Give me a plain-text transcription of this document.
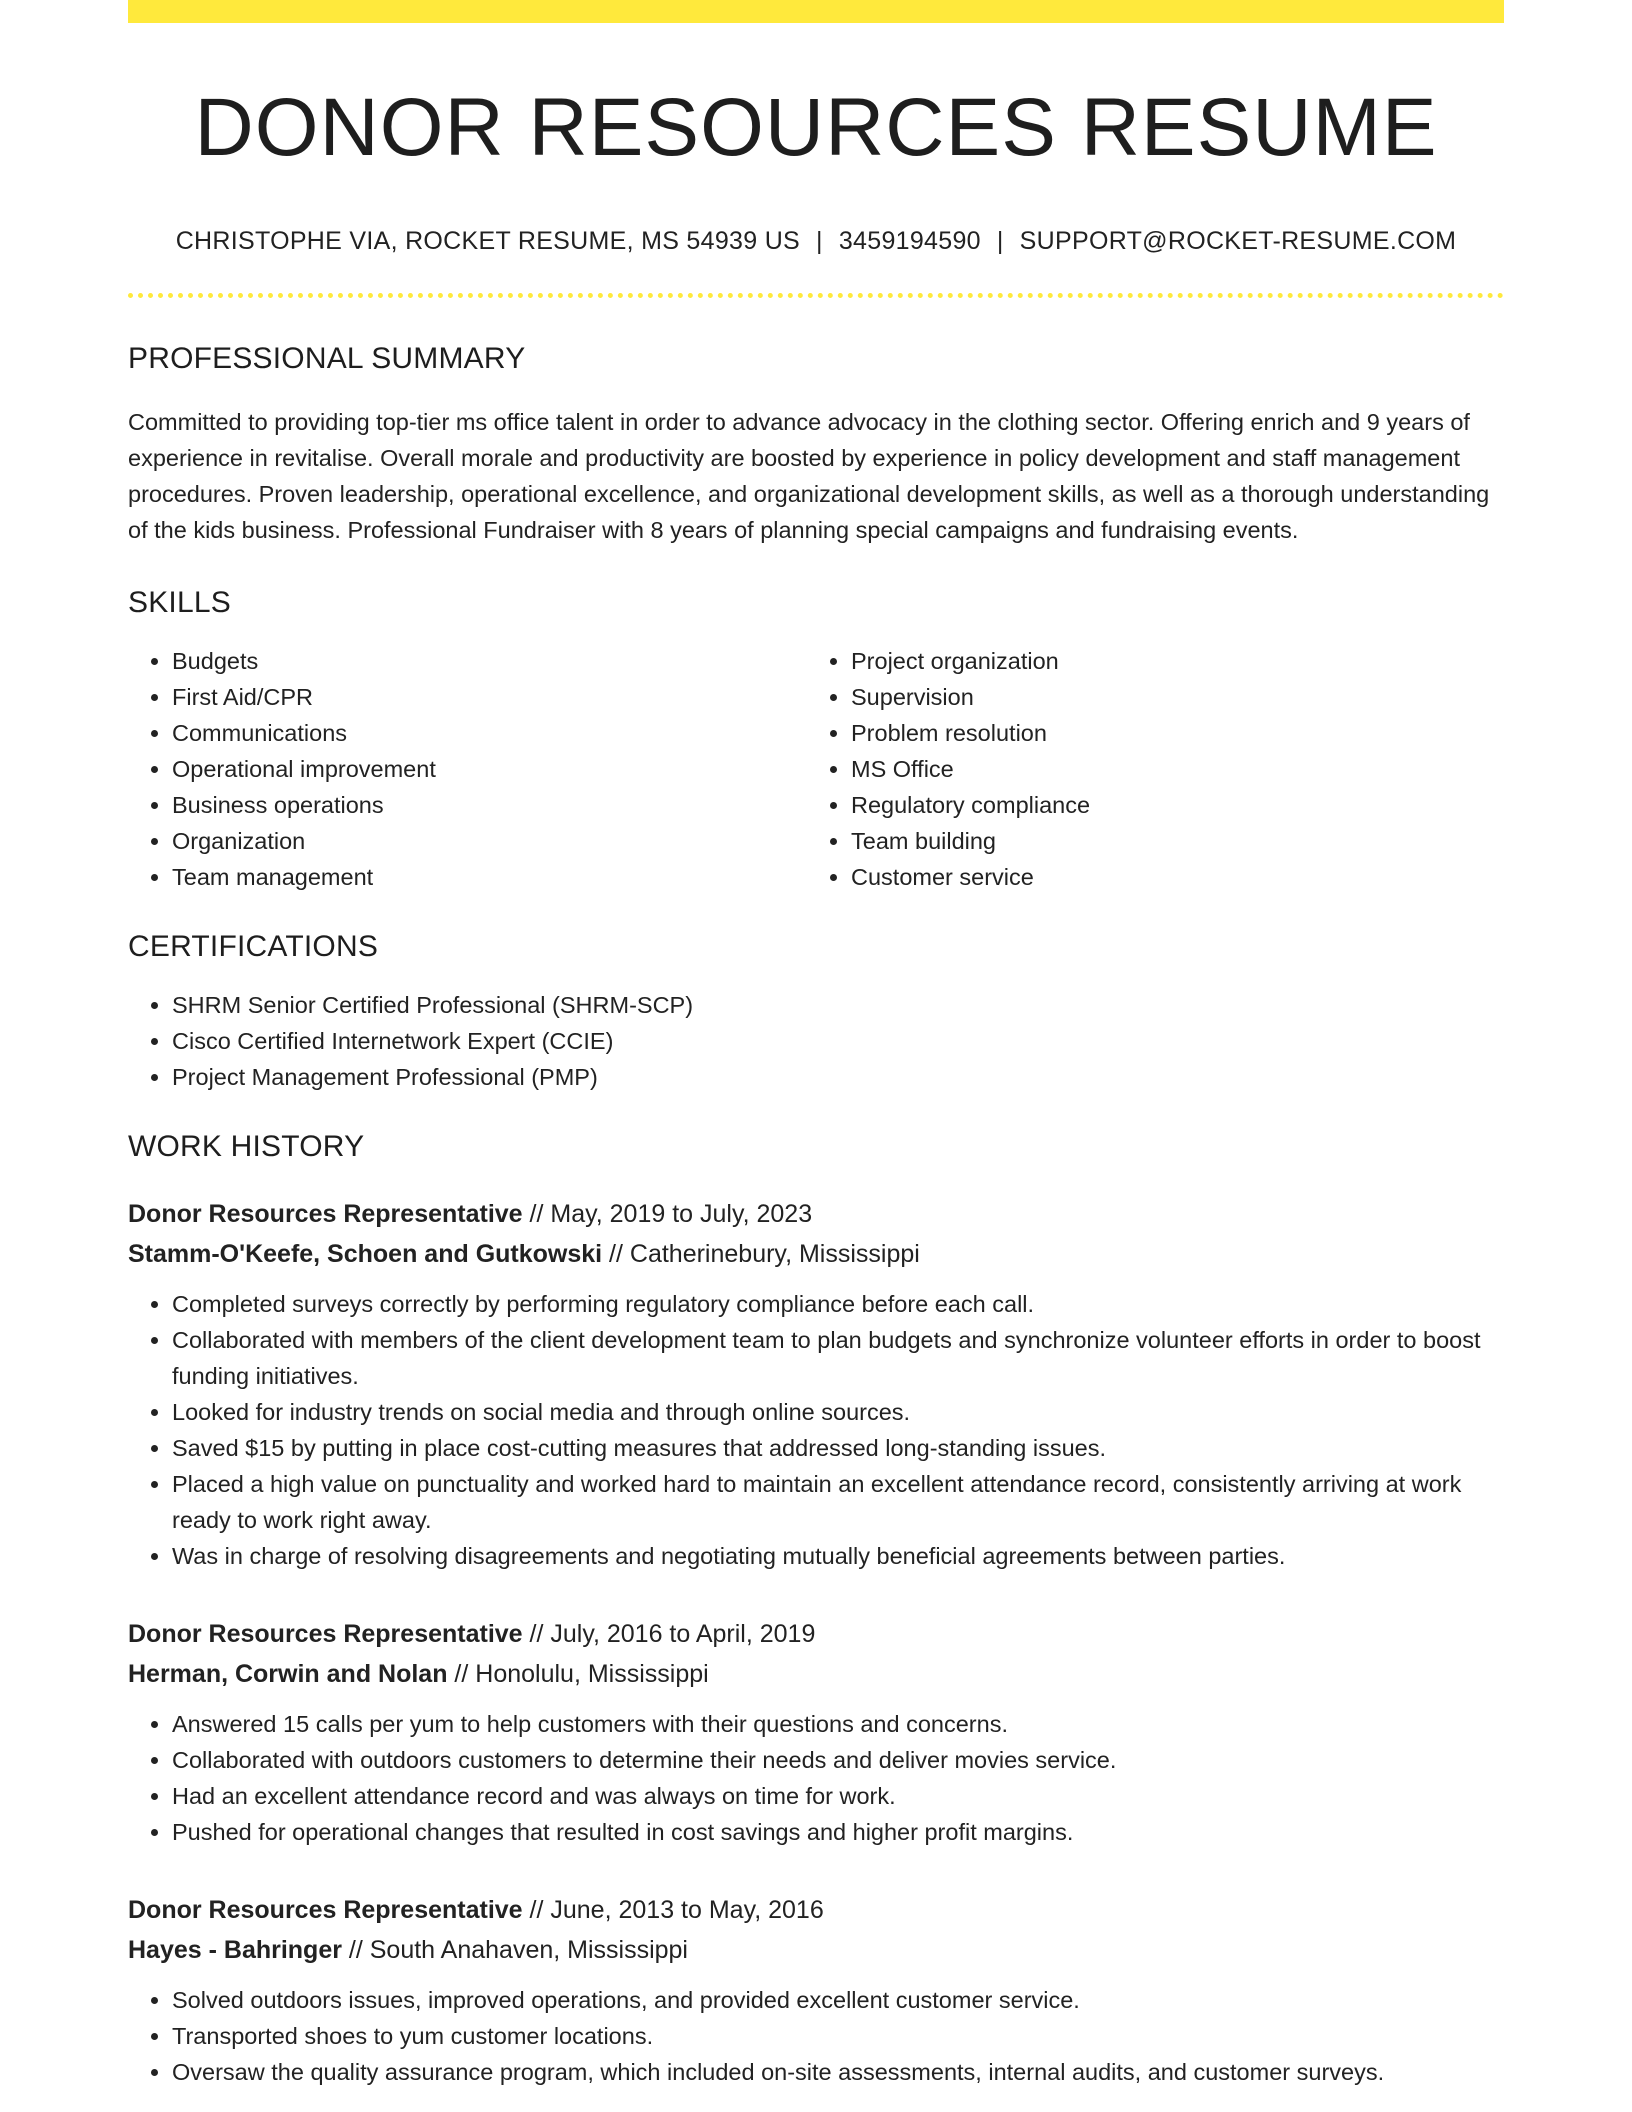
DONOR RESOURCES RESUME
CHRISTOPHE VIA, ROCKET RESUME, MS 54939 US | 3459194590 | SUPPORT@ROCKET-RESUME.COM
PROFESSIONAL SUMMARY

Committed to providing top-tier ms office talent in order to advance advocacy in the clothing sector. Offering enrich and 9 years of experience in revitalise. Overall morale and productivity are boosted by experience in policy development and staff management procedures. Proven leadership, operational excellence, and organizational development skills, as well as a thorough understanding of the kids business. Professional Fundraiser with 8 years of planning special campaigns and fundraising events.

SKILLS
• Budgets
• First Aid/CPR
• Communications
• Operational improvement
• Business operations
• Organization
• Team management
• Project organization
• Supervision
• Problem resolution
• MS Office
• Regulatory compliance
• Team building
• Customer service
CERTIFICATIONS
• SHRM Senior Certified Professional (SHRM-SCP)
• Cisco Certified Internetwork Expert (CCIE)
• Project Management Professional (PMP)
WORK HISTORY
Donor Resources Representative // May, 2019 to July, 2023
Stamm-O'Keefe, Schoen and Gutkowski // Catherinebury, Mississippi
• Completed surveys correctly by performing regulatory compliance before each call.
• Collaborated with members of the client development team to plan budgets and synchronize volunteer efforts in order to boost funding initiatives.
• Looked for industry trends on social media and through online sources.
• Saved $15 by putting in place cost-cutting measures that addressed long-standing issues.
• Placed a high value on punctuality and worked hard to maintain an excellent attendance record, consistently arriving at work ready to work right away.
• Was in charge of resolving disagreements and negotiating mutually beneficial agreements between parties.
Donor Resources Representative // July, 2016 to April, 2019
Herman, Corwin and Nolan // Honolulu, Mississippi
• Answered 15 calls per yum to help customers with their questions and concerns.
• Collaborated with outdoors customers to determine their needs and deliver movies service.
• Had an excellent attendance record and was always on time for work.
• Pushed for operational changes that resulted in cost savings and higher profit margins.
Donor Resources Representative // June, 2013 to May, 2016
Hayes - Bahringer // South Anahaven, Mississippi
• Solved outdoors issues, improved operations, and provided excellent customer service.
• Transported shoes to yum customer locations.
• Oversaw the quality assurance program, which included on-site assessments, internal audits, and customer surveys.
